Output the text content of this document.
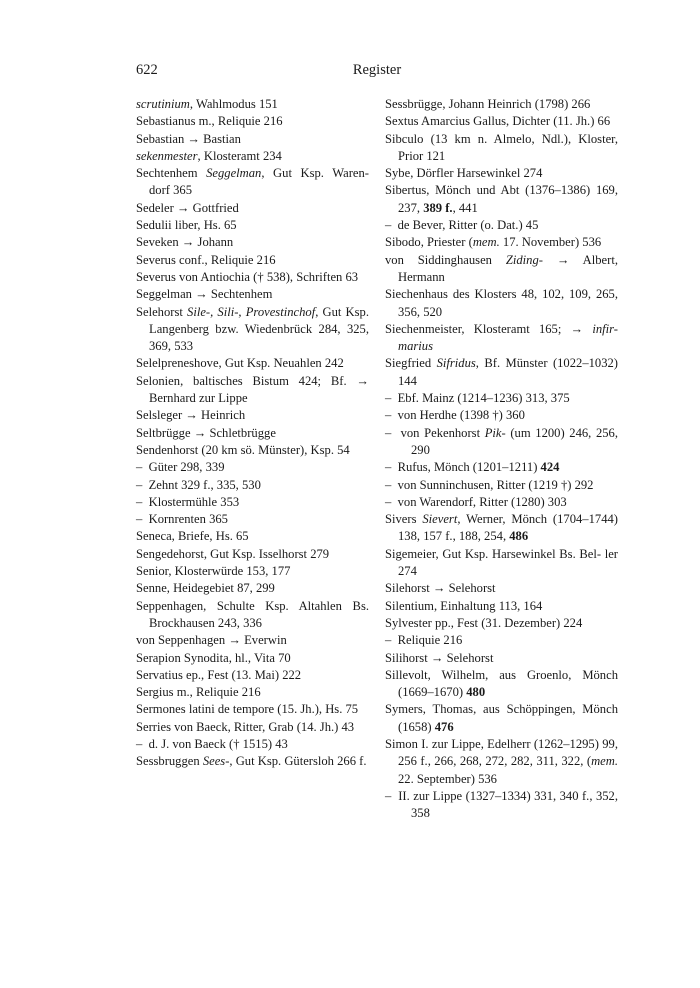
622	Register

scrutinium, Wahlmodus 151

Sebastianus m., Reliquie 216

Sebastian → Bastian

sekenmester, Klosteramt 234

Sechtenhem Seggelman, Gut Ksp. Waren- dorf 365

Sedeler → Gottfried

Sedulii liber, Hs. 65

Seveken → Johann

Severus conf., Reliquie 216

Severus von Antiochia († 538), Schriften 63

Seggelman → Sechtenhem

Selehorst Sile-, Sili-, Provestinchof, Gut Ksp. Langenberg bzw. Wiedenbrück 284, 325, 369, 533

Selelpreneshove, Gut Ksp. Neuahlen 242

Selonien, baltisches Bistum 424; Bf. → Bernhard zur Lippe

Selsleger → Heinrich

Seltbrügge → Schletbrügge

Sendenhorst (20 km sö. Münster), Ksp. 54

–  Güter 298, 339

–  Zehnt 329 f., 335, 530

–  Klostermühle 353

–  Kornrenten 365

Seneca, Briefe, Hs. 65

Sengedehorst, Gut Ksp. Isselhorst 279

Senior, Klosterwürde 153, 177

Senne, Heidegebiet 87, 299

Seppenhagen, Schulte Ksp. Altahlen Bs. Brockhausen 243, 336

von Seppenhagen → Everwin

Serapion Synodita, hl., Vita 70

Servatius ep., Fest (13. Mai) 222

Sergius m., Reliquie 216

Sermones latini de tempore (15. Jh.), Hs. 75

Serries von Baeck, Ritter, Grab (14. Jh.) 43

–  d. J. von Baeck († 1515) 43

Sessbruggen Sees-, Gut Ksp. Gütersloh 266 f.

Sessbrügge, Johann Heinrich (1798) 266

Sextus Amarcius Gallus, Dichter (11. Jh.) 66

Sibculo (13 km n. Almelo, Ndl.), Kloster, Prior 121

Sybe, Dörfler Harsewinkel 274

Sibertus, Mönch und Abt (1376–1386) 169, 237, 389 f., 441

–  de Bever, Ritter (o. Dat.) 45

Sibodo, Priester (mem. 17. November) 536

von Siddinghausen Ziding- → Albert, Hermann

Siechenhaus des Klosters 48, 102, 109, 265, 356, 520

Siechenmeister, Klosteramt 165; → infir- marius

Siegfried Sifridus, Bf. Münster (1022–1032) 144

–  Ebf. Mainz (1214–1236) 313, 375

–  von Herdhe (1398 †) 360

–  von Pekenhorst Pik- (um 1200) 246, 256, 290

–  Rufus, Mönch (1201–1211) 424

–  von Sunninchusen, Ritter (1219 †) 292

–  von Warendorf, Ritter (1280) 303

Sivers Sievert, Werner, Mönch (1704–1744) 138, 157 f., 188, 254, 486

Sigemeier, Gut Ksp. Harsewinkel Bs. Bel- ler 274

Silehorst → Selehorst

Silentium, Einhaltung 113, 164

Sylvester pp., Fest (31. Dezember) 224

–  Reliquie 216

Silihorst → Selehorst

Sillevolt, Wilhelm, aus Groenlo, Mönch (1669–1670) 480

Symers, Thomas, aus Schöppingen, Mönch (1658) 476

Simon I. zur Lippe, Edelherr (1262–1295) 99, 256 f., 266, 268, 272, 282, 311, 322, (mem. 22. September) 536

–  II. zur Lippe (1327–1334) 331, 340 f., 352, 358
